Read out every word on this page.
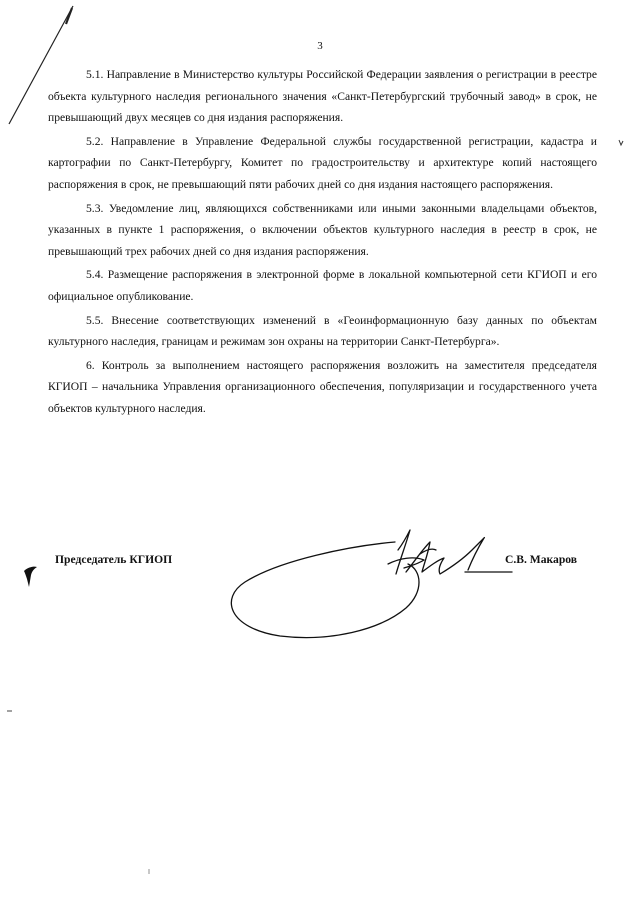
3

5.1. Направление в Министерство культуры Российской Федерации заявления о регистрации в реестре объекта культурного наследия регионального значения «Санкт-Петербургский трубочный завод» в срок, не превышающий двух месяцев со дня издания распоряжения.

5.2. Направление в Управление Федеральной службы государственной регистрации, кадастра и картографии по Санкт-Петербургу, Комитет по градостроительству и архитектуре копий настоящего распоряжения в срок, не превышающий пяти рабочих дней со дня издания настоящего распоряжения.

5.3. Уведомление лиц, являющихся собственниками или иными законными владельцами объектов, указанных в пункте 1 распоряжения, о включении объектов культурного наследия в реестр в срок, не превышающий трех рабочих дней со дня издания распоряжения.

5.4. Размещение распоряжения в электронной форме в локальной компьютерной сети КГИОП и его официальное опубликование.

5.5. Внесение соответствующих изменений в «Геоинформационную базу данных по объектам культурного наследия, границам и режимам зон охраны на территории Санкт-Петербурга».

6. Контроль за выполнением настоящего распоряжения возложить на заместителя председателя КГИОП – начальника Управления организационного обеспечения, популяризации и государственного учета объектов культурного наследия.

Председатель КГИОП	С.В. Макаров
